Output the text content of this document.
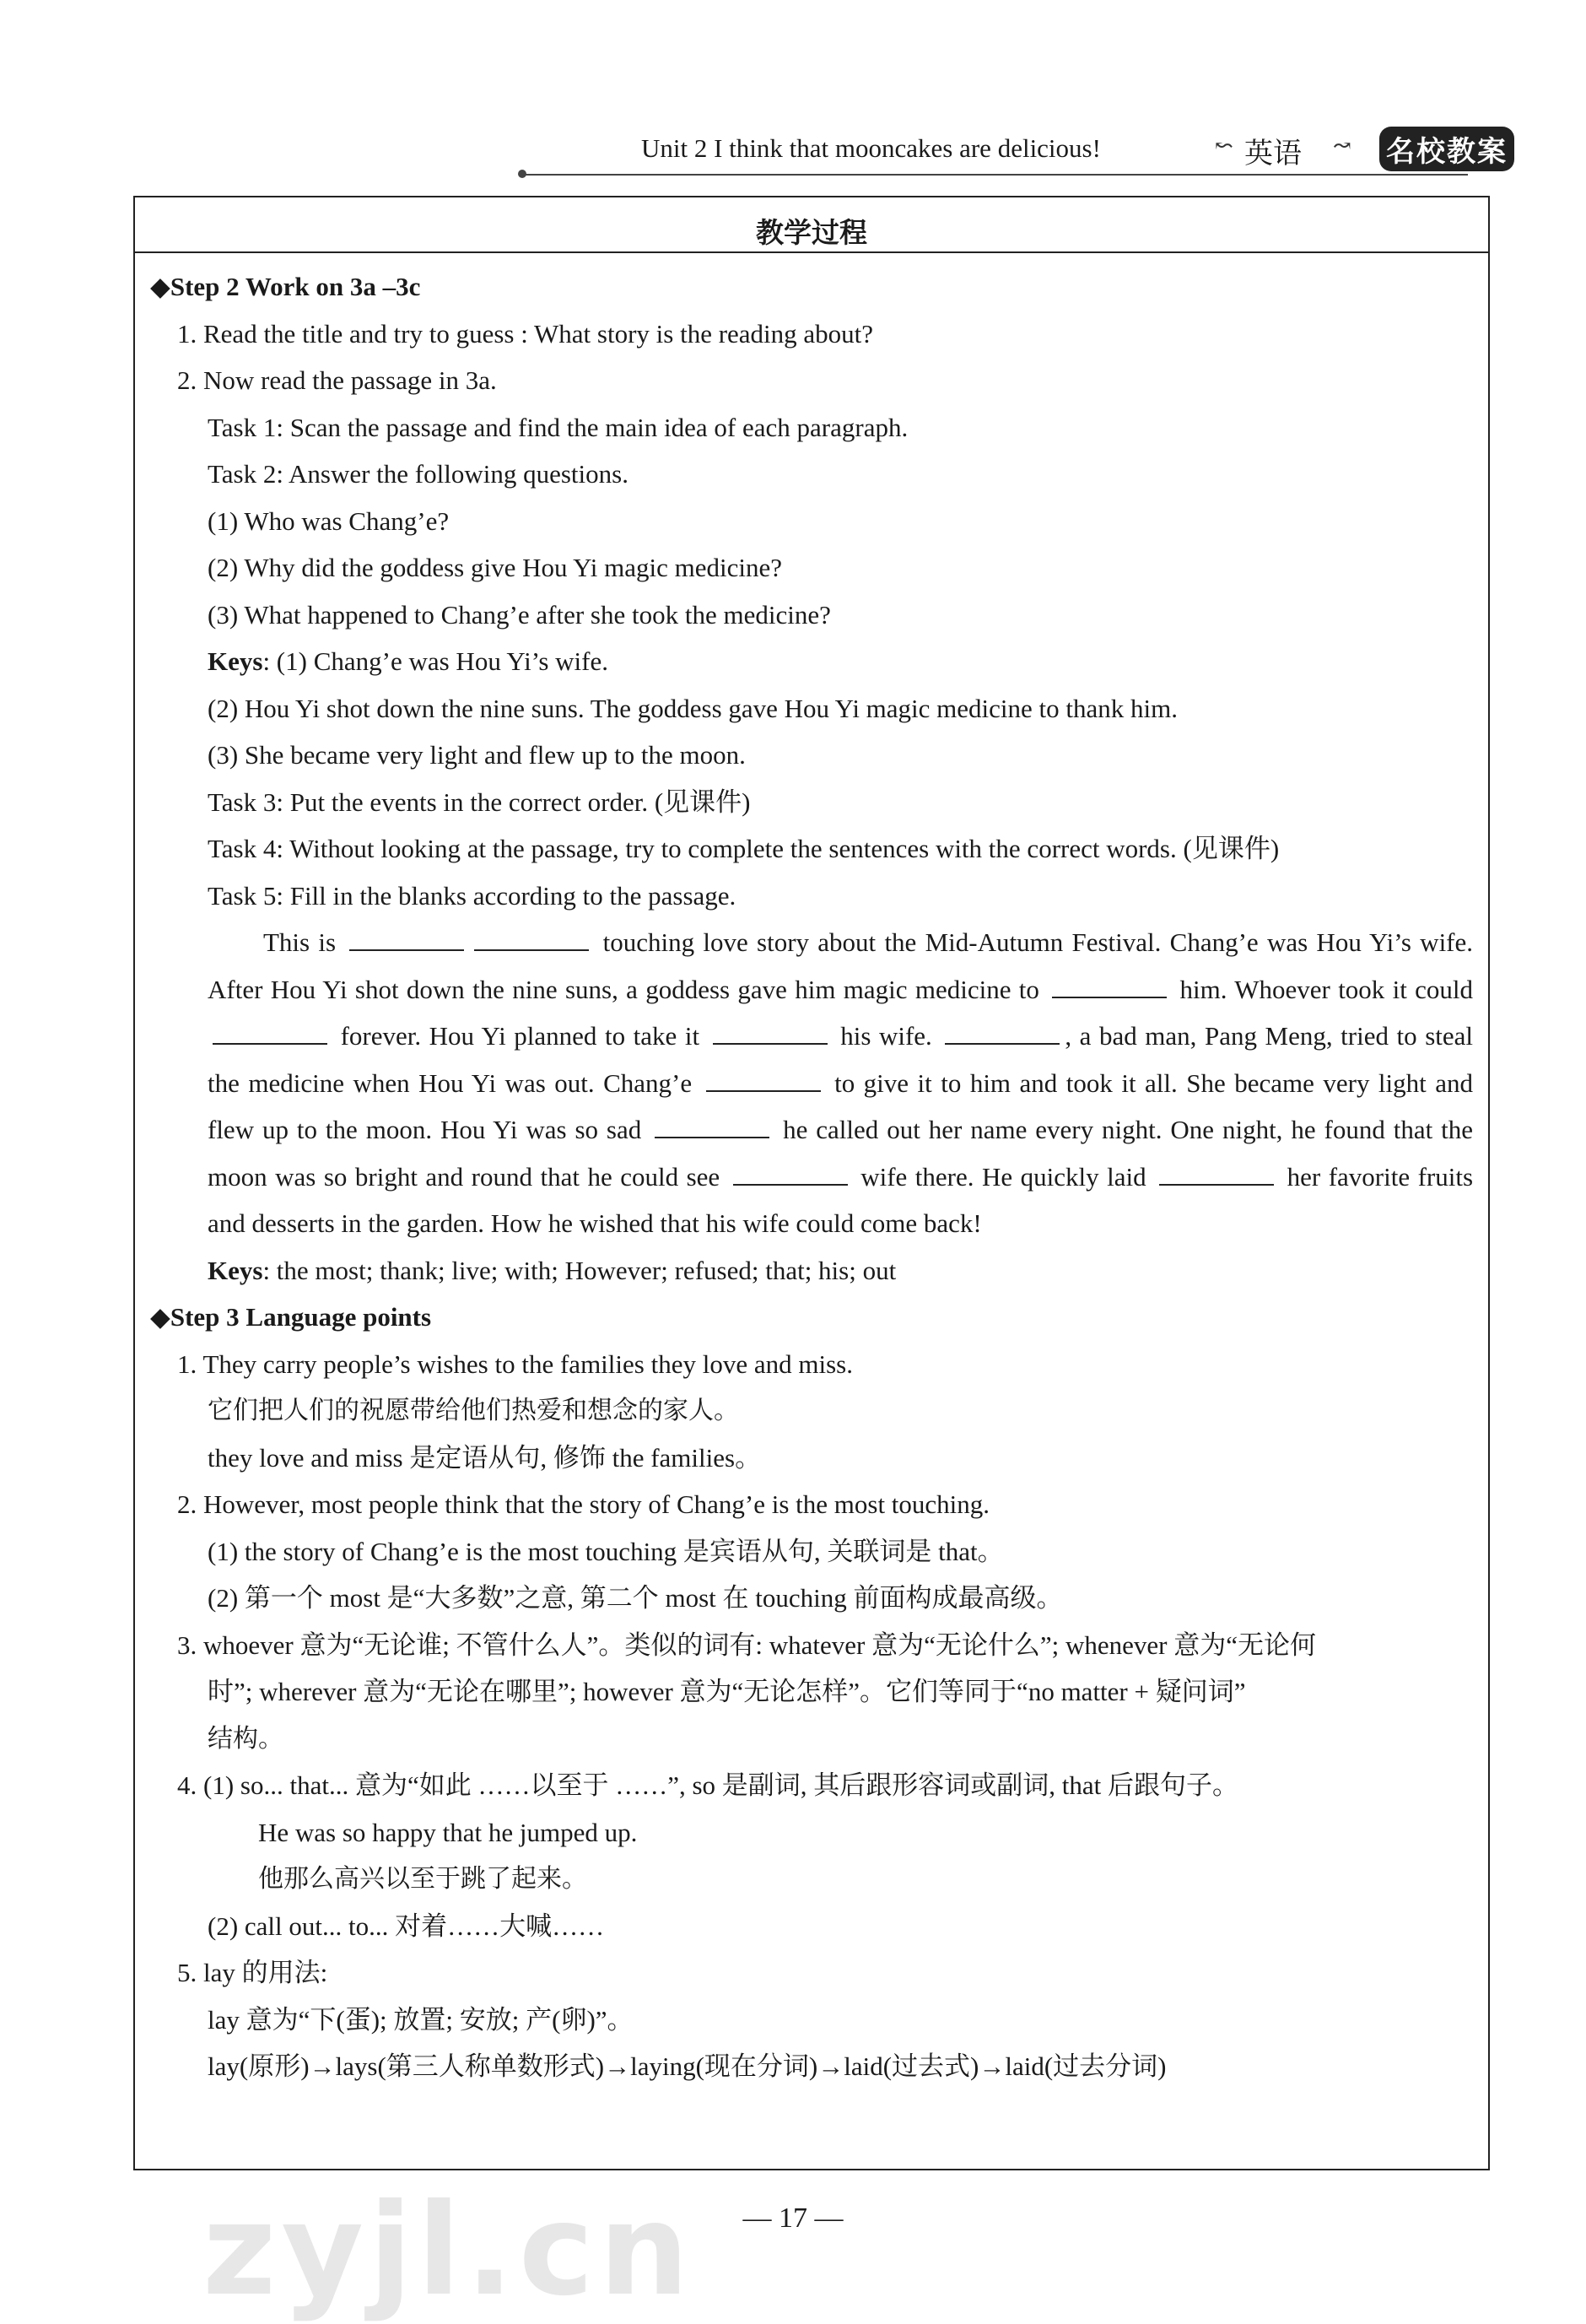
Unit 2 I think that mooncakes are delicious!	↜ 英语 ↝ 名校教案
教学过程
◆Step 2 Work on 3a –3c
1. Read the title and try to guess : What story is the reading about?
2. Now read the passage in 3a.
Task 1: Scan the passage and find the main idea of each paragraph.
Task 2: Answer the following questions.
(1) Who was Chang’e?
(2) Why did the goddess give Hou Yi magic medicine?
(3) What happened to Chang’e after she took the medicine?
Keys: (1) Chang’e was Hou Yi’s wife.
(2) Hou Yi shot down the nine suns. The goddess gave Hou Yi magic medicine to thank him.
(3) She became very light and flew up to the moon.
Task 3: Put the events in the correct order. (见课件)
Task 4: Without looking at the passage, try to complete the sentences with the correct words. (见课件)
Task 5: Fill in the blanks according to the passage.
This is	touching love story about the Mid-Autumn Festival. Chang’e was Hou Yi’s wife. After Hou Yi shot down the nine suns, a goddess gave him magic medicine to	him. Whoever took it could  forever. Hou Yi planned to take it	his wife.	, a bad man, Pang Meng, tried to steal the medicine when Hou Yi was out. Chang’e	to give it to him and took it all. She became very light and flew up to the moon. Hou Yi was so sad	he called out her name every night. One night, he found that the moon was so bright and round that he could see	wife there. He quickly laid	her favorite fruits and desserts in the garden. How he wished that his wife could come back!
Keys: the most; thank; live; with; However; refused; that; his; out
◆Step 3 Language points
1. They carry people’s wishes to the families they love and miss.
它们把人们的祝愿带给他们热爱和想念的家人。
they love and miss 是定语从句, 修饰 the families。
2. However, most people think that the story of Chang’e is the most touching.
(1) the story of Chang’e is the most touching 是宾语从句, 关联词是 that。
(2) 第一个 most 是“大多数”之意, 第二个 most 在 touching 前面构成最高级。
3. whoever 意为“无论谁; 不管什么人”。类似的词有: whatever 意为“无论什么”; whenever 意为“无论何
时”; wherever 意为“无论在哪里”; however 意为“无论怎样”。它们等同于“no matter + 疑问词”
结构。
4. (1) so... that... 意为“如此 ……以至于 ……”, so 是副词, 其后跟形容词或副词, that 后跟句子。
He was so happy that he jumped up.
他那么高兴以至于跳了起来。
(2) call out... to... 对着……大喊……
5. lay 的用法:
lay 意为“下(蛋); 放置; 安放; 产(卵)”。
lay(原形)→lays(第三人称单数形式)→laying(现在分词)→laid(过去式)→laid(过去分词)
zyjl.cn	— 17 —
